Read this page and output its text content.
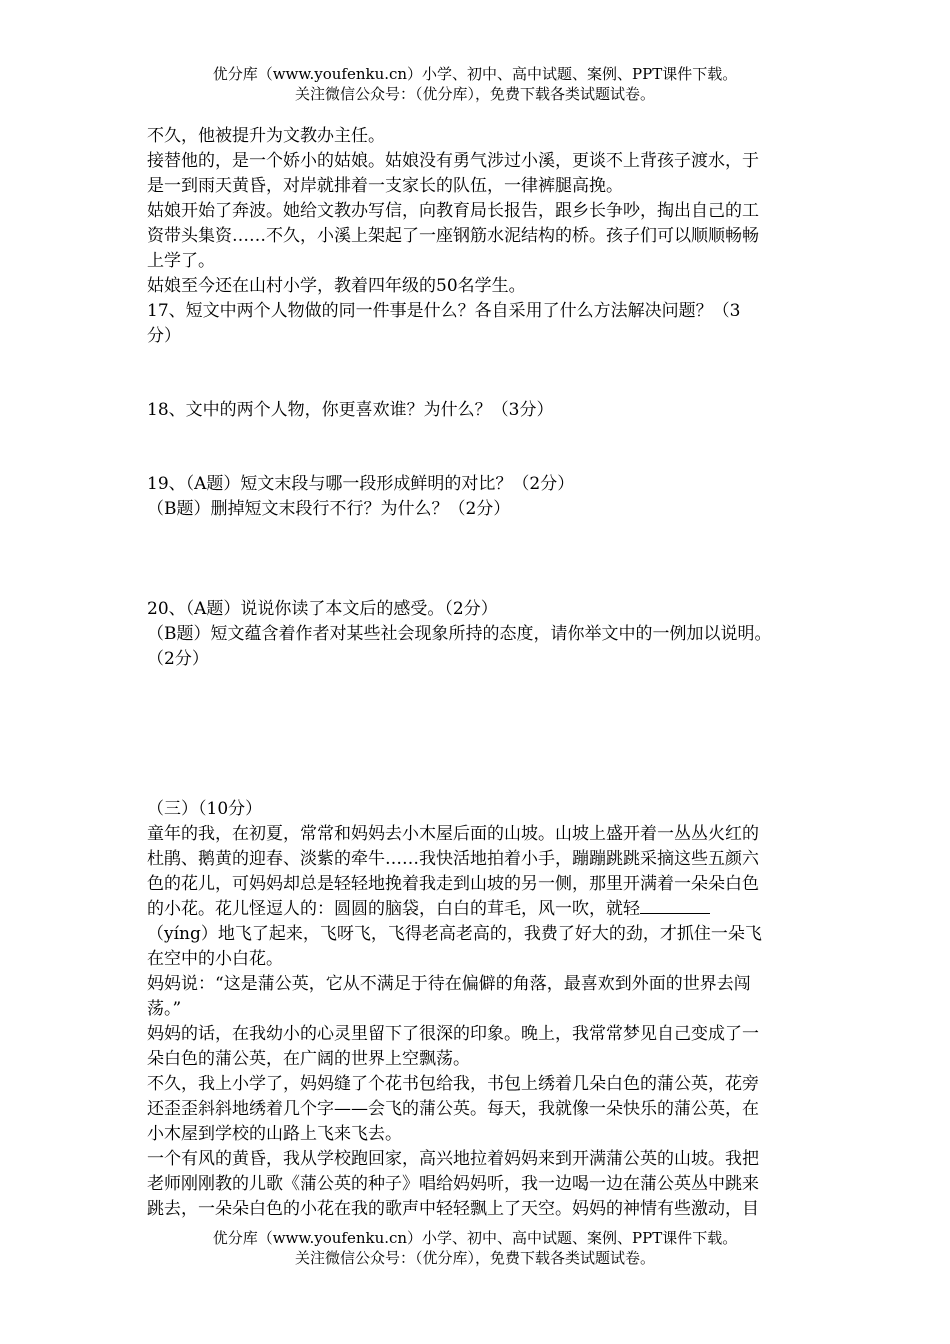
优分库（www.youfenku.cn）小学、初中、高中试题、案例、PPT课件下载。
关注微信公众号：（优分库），免费下载各类试题试卷。

不久，他被提升为文教办主任。

接替他的，是一个娇小的姑娘。姑娘没有勇气涉过小溪，更谈不上背孩子渡水，于

是一到雨天黄昏，对岸就排着一支家长的队伍，一律裤腿高挽。

姑娘开始了奔波。她给文教办写信，向教育局长报告，跟乡长争吵，掏出自己的工

资带头集资……不久，小溪上架起了一座钢筋水泥结构的桥。孩子们可以顺顺畅畅

上学了。

姑娘至今还在山村小学，教着四年级的50名学生。

17、短文中两个人物做的同一件事是什么？各自采用了什么方法解决问题？（3

分）

18、文中的两个人物，你更喜欢谁？为什么？（3分）

19、（A题）短文末段与哪一段形成鲜明的对比？（2分）

（B题）删掉短文末段行不行？为什么？（2分）

20、（A题）说说你读了本文后的感受。（2分）

（B题）短文蕴含着作者对某些社会现象所持的态度，请你举文中的一例加以说明。

（2分）

（三）（10分）

童年的我，在初夏，常常和妈妈去小木屋后面的山坡。山坡上盛开着一丛丛火红的

杜鹃、鹅黄的迎春、淡紫的牵牛……我快活地拍着小手，蹦蹦跳跳采摘这些五颜六

色的花儿，可妈妈却总是轻轻地挽着我走到山坡的另一侧，那里开满着一朵朵白色

的小花。花儿怪逗人的：圆圆的脑袋，白白的茸毛，风一吹，就轻

（yíng）地飞了起来，飞呀飞，飞得老高老高的，我费了好大的劲，才抓住一朵飞

在空中的小白花。

妈妈说：“这是蒲公英，它从不满足于待在偏僻的角落，最喜欢到外面的世界去闯

荡。”

妈妈的话，在我幼小的心灵里留下了很深的印象。晚上，我常常梦见自己变成了一

朵白色的蒲公英，在广阔的世界上空飘荡。

不久，我上小学了，妈妈缝了个花书包给我，书包上绣着几朵白色的蒲公英，花旁

还歪歪斜斜地绣着几个字——会飞的蒲公英。每天，我就像一朵快乐的蒲公英，在

小木屋到学校的山路上飞来飞去。

一个有风的黄昏，我从学校跑回家，高兴地拉着妈妈来到开满蒲公英的山坡。我把

老师刚刚教的儿歌《蒲公英的种子》唱给妈妈听，我一边喝一边在蒲公英丛中跳来

跳去，一朵朵白色的小花在我的歌声中轻轻飘上了天空。妈妈的神情有些激动，目

优分库（www.youfenku.cn）小学、初中、高中试题、案例、PPT课件下载。
关注微信公众号：（优分库），免费下载各类试题试卷。
